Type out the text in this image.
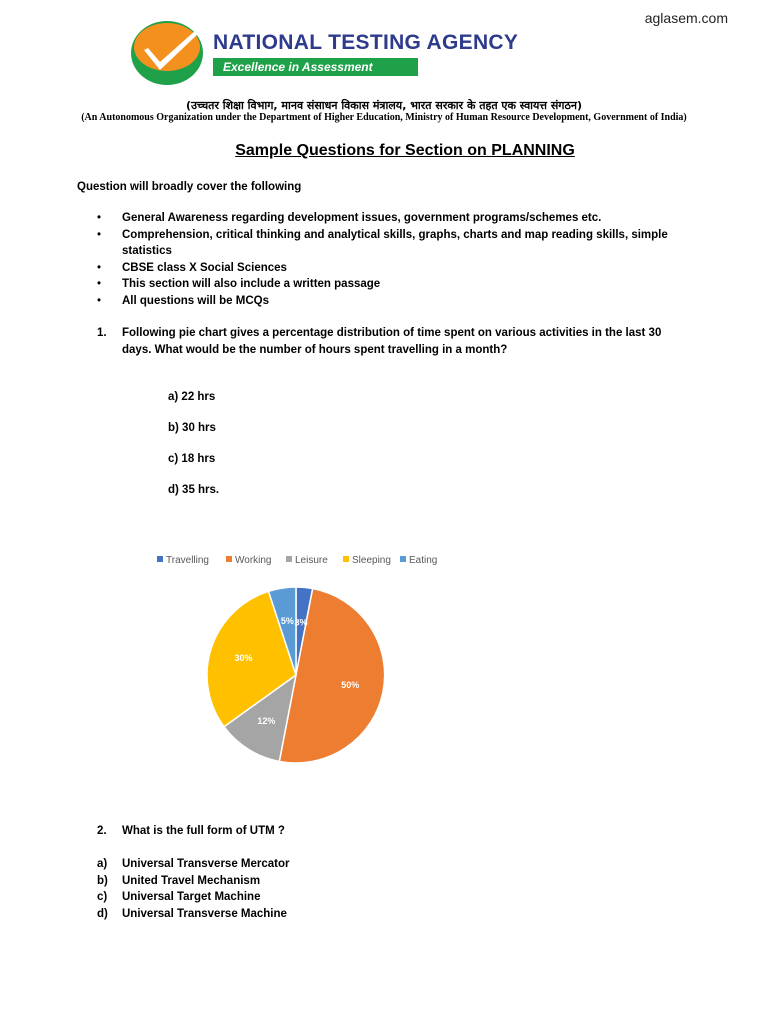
aglasem.com
NATIONAL TESTING AGENCY
Excellence in Assessment
(उच्चतर शिक्षा विभाग, मानव संसाधन विकास मंत्रालय, भारत सरकार के तहत एक स्वायत्त संगठन)
(An Autonomous Organization under the Department of Higher Education, Ministry of Human Resource Development, Government of India)
Sample Questions for Section on PLANNING
Question will broadly cover the following
• General Awareness regarding development issues, government programs/schemes etc.
• Comprehension, critical thinking and analytical skills, graphs, charts and map reading skills, simple
statistics
• CBSE class X Social Sciences
• This section will also include a written passage
• All questions will be MCQs
1. Following pie chart gives a percentage distribution of time spent on various activities in the last 30
days. What would be the number of hours spent travelling in a month?
a) 22 hrs
b) 30 hrs
c) 18 hrs
d) 35 hrs.
Travelling	Working Leisure Sleeping Eating
3%
50%
12%
30%
5%
2. What is the full form of UTM ?
a) Universal Transverse Mercator
b) United Travel Mechanism
c) Universal Target Machine
d) Universal Transverse Machine
